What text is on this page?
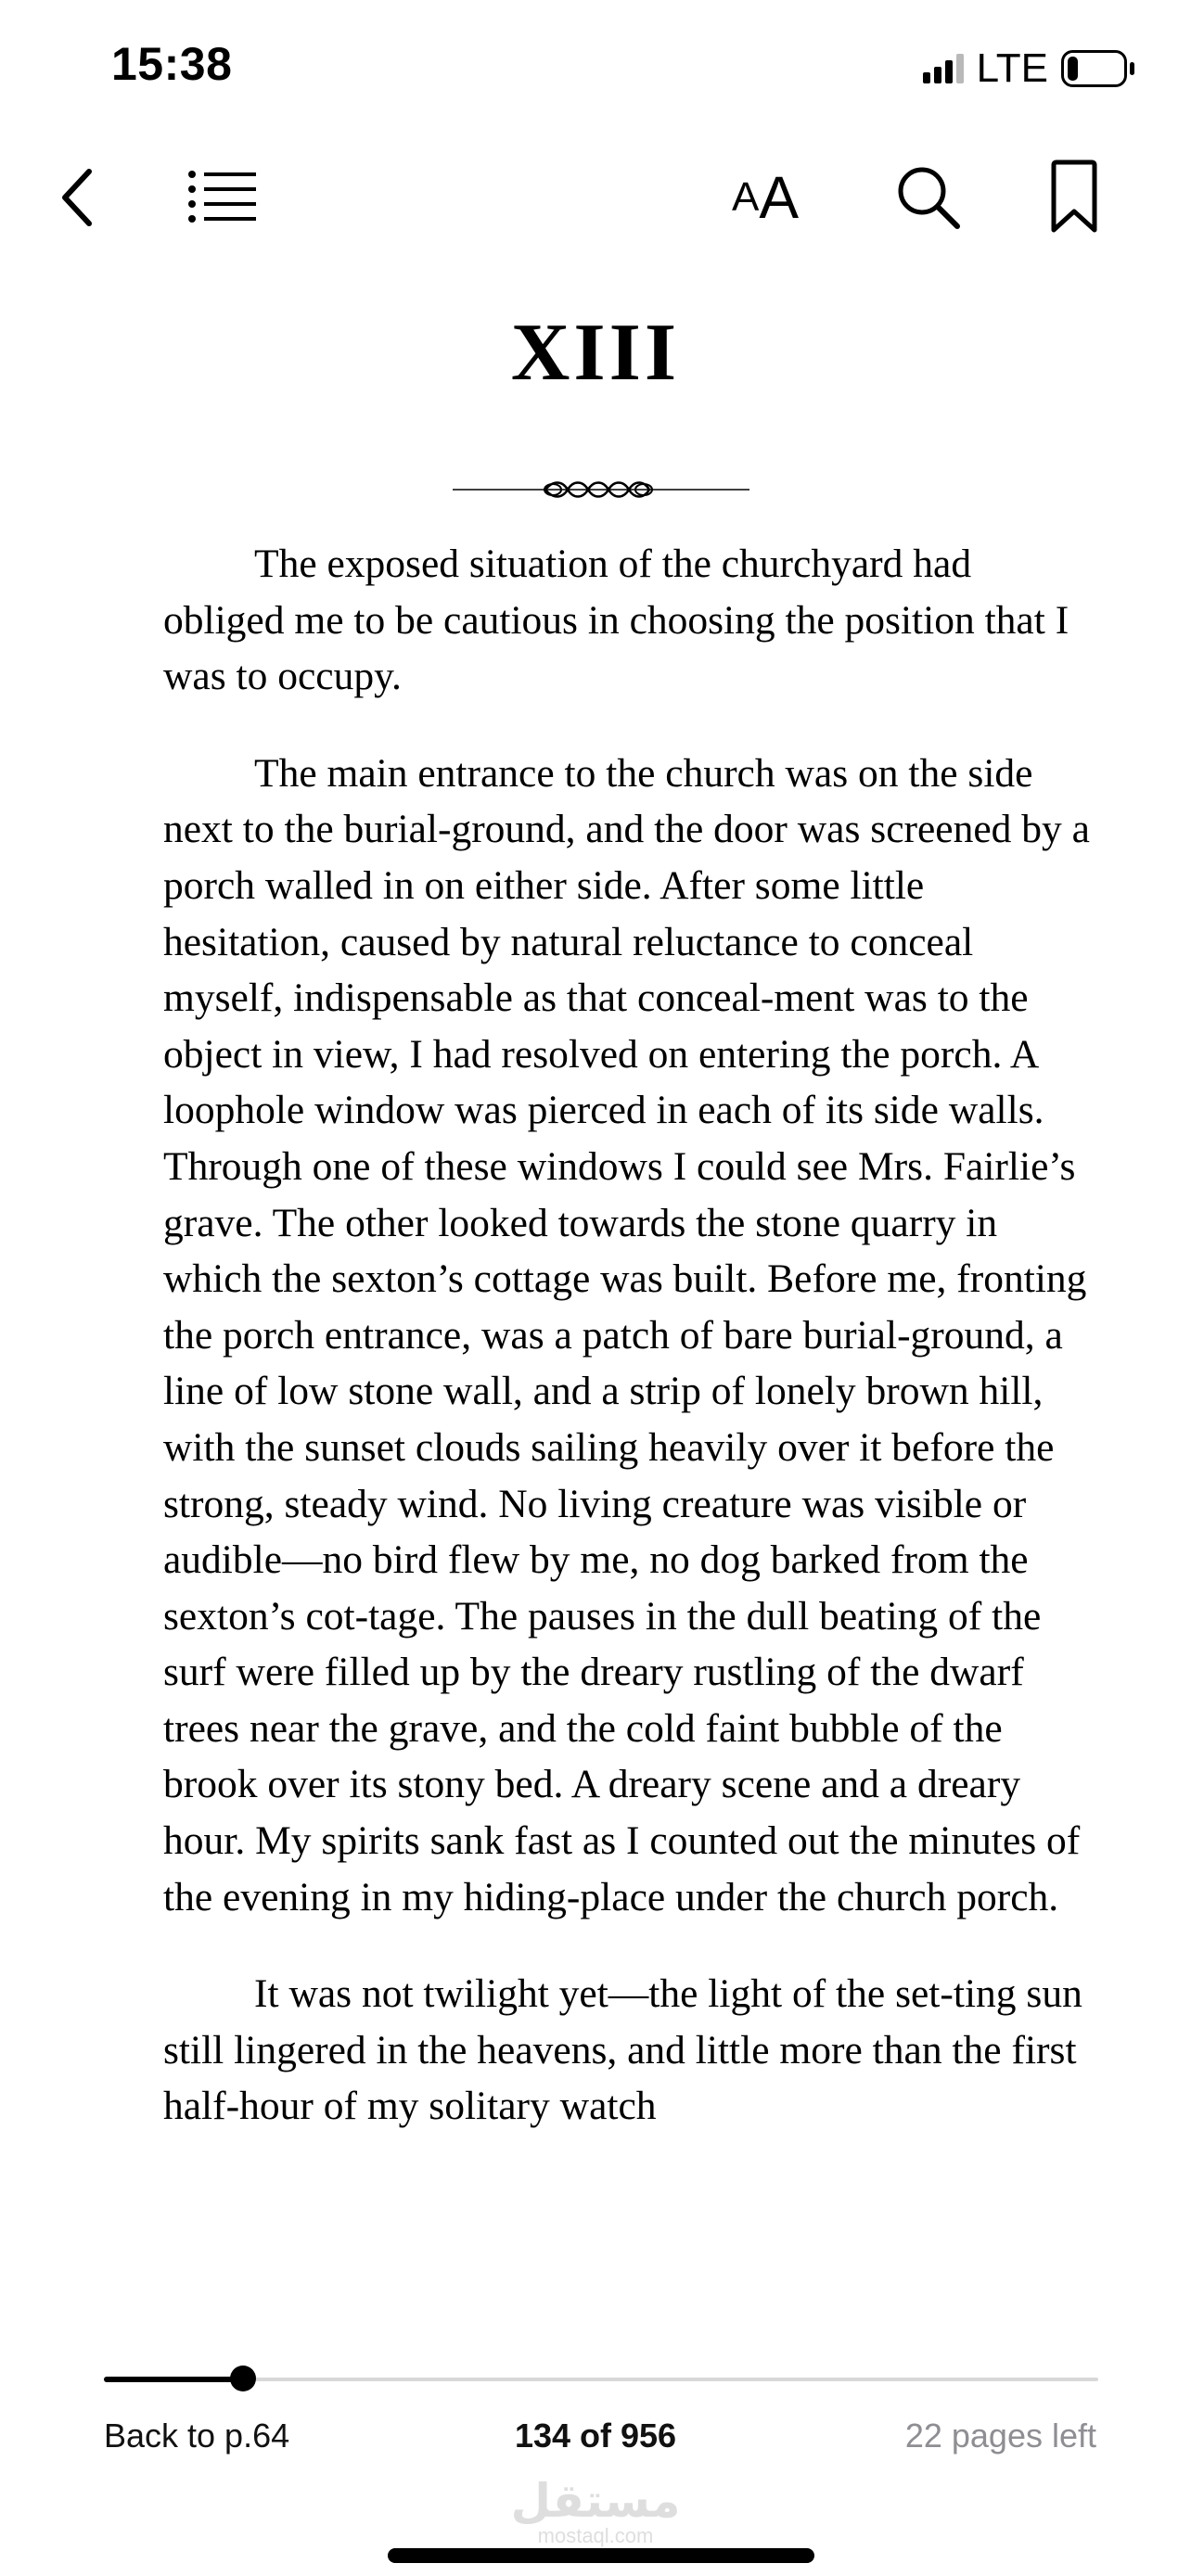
15:38	LTE
A A
XIII

The exposed situation of the churchyard had obliged me to be cautious in choosing the position that I was to occupy.

The main entrance to the church was on the side next to the burial-ground, and the door was screened by a porch walled in on either side. After some little hesitation, caused by natural reluctance to conceal myself, indispensable as that conceal-ment was to the object in view, I had resolved on entering the porch. A loophole window was pierced in each of its side walls. Through one of these windows I could see Mrs. Fairlie’s grave. The other looked towards the stone quarry in which the sexton’s cottage was built. Before me, fronting the porch entrance, was a patch of bare burial-ground, a line of low stone wall, and a strip of lonely brown hill, with the sunset clouds sailing heavily over it before the strong, steady wind. No living creature was visible or audible—no bird flew by me, no dog barked from the sexton’s cot-tage. The pauses in the dull beating of the surf were filled up by the dreary rustling of the dwarf trees near the grave, and the cold faint bubble of the brook over its stony bed. A dreary scene and a dreary hour. My spirits sank fast as I counted out the minutes of the evening in my hiding-place under the church porch.

It was not twilight yet—the light of the set-ting sun still lingered in the heavens, and little more than the first half-hour of my solitary watch

Back to p.64	134 of 956	22 pages left
مستقل
mostaql.com
